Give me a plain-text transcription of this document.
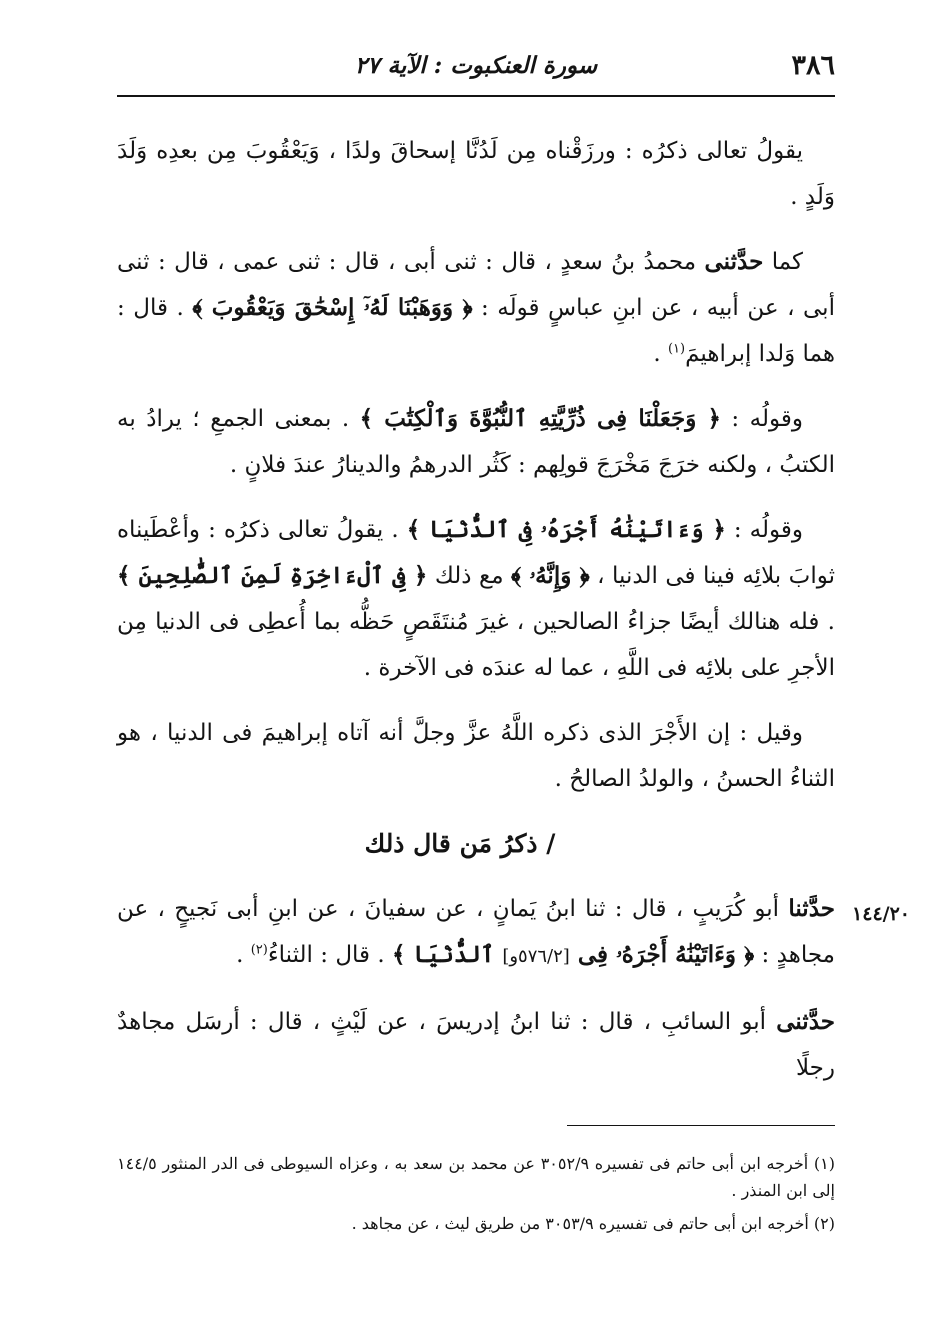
٣٨٦
سورة العنكبوت : الآية ٢٧
١٤٤/٢٠

يقولُ تعالى ذكرُه : ورزَقْناه مِن لَدُنَّا إسحاقَ ولدًا ، وَيَعْقُوبَ مِن بعدِه وَلَدَ وَلَدٍ .

كما حدَّثنى محمدُ بنُ سعدٍ ، قال : ثنى أبى ، قال : ثنى عمى ، قال : ثنى أبى ، عن أبيه ، عن ابنِ عباسٍ قولَه : ﴿ وَوَهَبْنَا لَهُۥٓ إِسْحَٰقَ وَيَعْقُوبَ ﴾ . قال : هما وَلدا إبراهيمَ$^{(١)}$ .

وقولُه : ﴿ وَجَعَلْنَا فِى ذُرِّيَّتِهِ ٱلنُّبُوَّةَ وَٱلْكِتَٰبَ ﴾ . بمعنى الجمعِ ؛ يرادُ به الكتبُ ، ولكنه خرَجَ مَخْرَجَ قولِهم : كَثُر الدرهمُ والدينارُ عندَ فلانٍ .

وقولُه : ﴿ وَءَاتَيْنَٰهُ أَجْرَهُۥ فِى ٱلدُّنْيَا ﴾ . يقولُ تعالى ذكرُه : وأعْطَيناه ثوابَ بلائِه فينا فى الدنيا ، ﴿ وَإِنَّهُۥ ﴾ مع ذلك ﴿ فِى ٱلْءَاخِرَةِ لَمِنَ ٱلصَّٰلِحِينَ ﴾ . فله هنالك أيضًا جزاءُ الصالحين ، غيرَ مُنتَقَصٍ حَظُّه بما أُعطِى فى الدنيا مِن الأجرِ على بلائِه فى اللَّهِ ، عما له عندَه فى الآخرة .

وقيل : إن الأَجْرَ الذى ذكره اللَّهُ عزَّ وجلَّ أنه آتاه إبراهيمَ فى الدنيا ، هو الثناءُ الحسنُ ، والولدُ الصالحُ .

/ ذكرُ مَن قال ذلك

حدَّثنا أبو كُرَيبٍ ، قال : ثنا ابنُ يَمانٍ ، عن سفيانَ ، عن ابنِ أبى نَجيحٍ ، عن مجاهدٍ : ﴿ وَءَاتَيْنَٰهُ أَجْرَهُۥ فِى [٥٧٦/٢و] ٱلدُّنْيَا ﴾ . قال : الثناءُ$^{(٢)}$ .

حدَّثنى أبو السائبِ ، قال : ثنا ابنُ إدريسَ ، عن لَيْثٍ ، قال : أرسَل مجاهدٌ رجلًا

(١) أخرجه ابن أبى حاتم فى تفسيره ٣٠٥٢/٩ عن محمد بن سعد به ، وعزاه السيوطى فى الدر المنثور ١٤٤/٥ إلى ابن المنذر .

(٢) أخرجه ابن أبى حاتم فى تفسيره ٣٠٥٣/٩ من طريق ليث ، عن مجاهد .
